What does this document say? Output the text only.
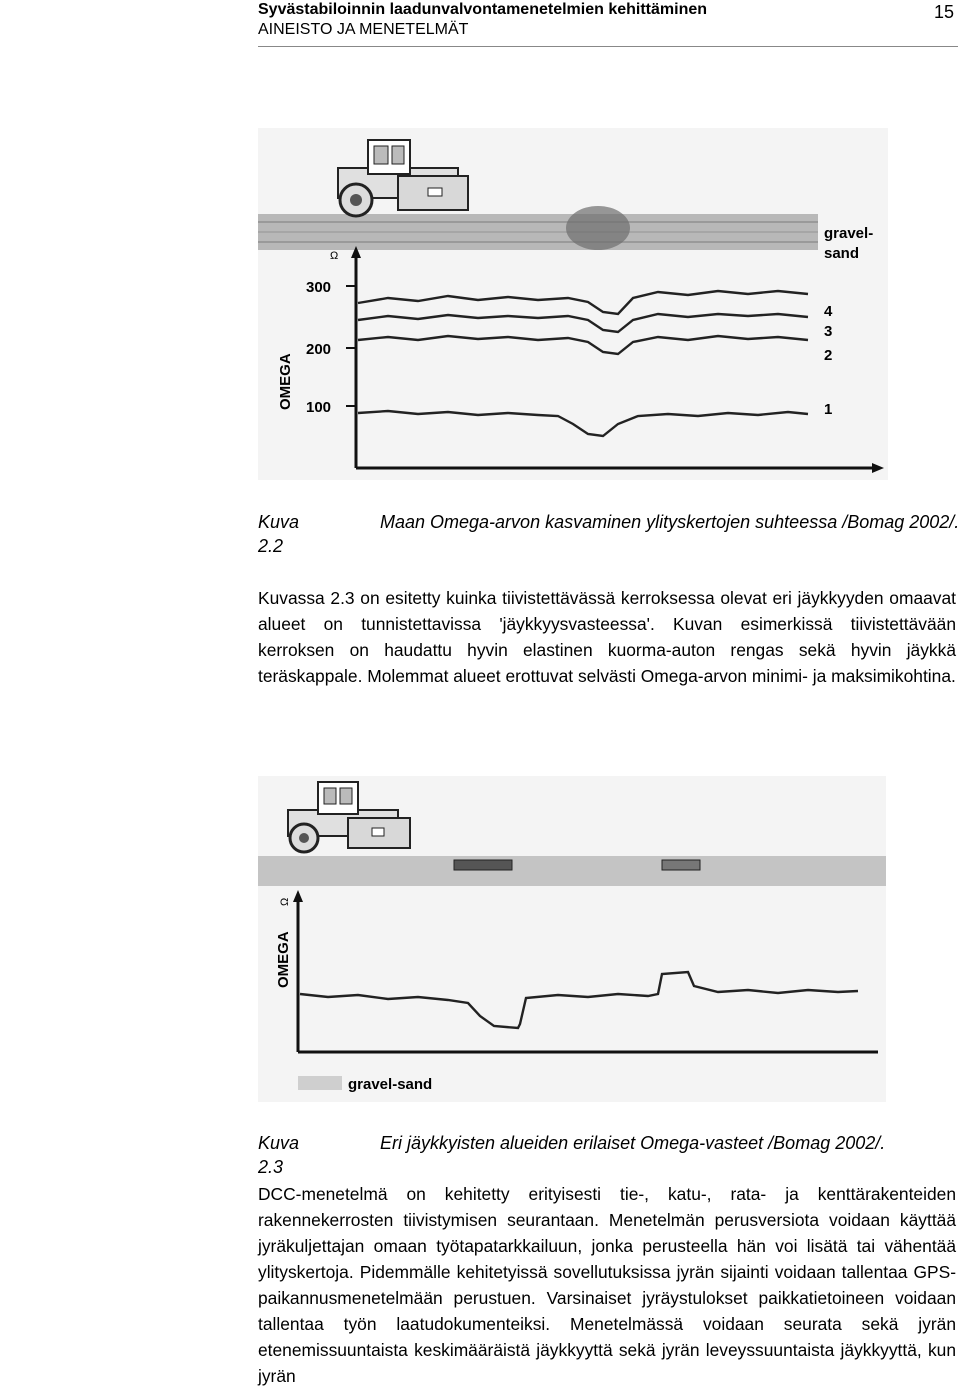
Syvästabiloinnin laadunvalvontamenetelmien kehittäminen
AINEISTO JA MENETELMÄT
15
Ω
300
200
100
OMEGA
gravel-
sand
4
3
2
1
Kuva 2.2
Maan Omega-arvon kasvaminen ylityskertojen suhteessa /Bomag 2002/.

Kuvassa 2.3 on esitetty kuinka tiivistettävässä kerroksessa olevat eri jäykkyyden omaavat alueet on tunnistettavissa 'jäykkyysvasteessa'. Kuvan esimerkissä tiivistettävään kerroksen on haudattu hyvin elastinen kuorma-auton rengas sekä hyvin jäykkä teräskappale. Molemmat alueet erottuvat selvästi Omega-arvon minimi- ja maksimikohtina.

OMEGA
Ω
gravel-sand
Kuva 2.3
Eri jäykkyisten alueiden erilaiset Omega-vasteet /Bomag 2002/.

DCC-menetelmä on kehitetty erityisesti tie-, katu-, rata- ja kenttärakenteiden rakennekerrosten tiivistymisen seurantaan. Menetelmän perusversiota voidaan käyttää jyräkuljettajan omaan työtapatarkkailuun, jonka perusteella hän voi lisätä tai vähentää ylityskertoja. Pidemmälle kehitetyissä sovellutuksissa jyrän sijainti voidaan tallentaa GPS-paikannusmenetelmään perustuen. Varsinaiset jyräystulokset paikkatietoineen voidaan tallentaa työn laatudokumenteiksi. Menetelmässä voidaan seurata sekä jyrän etenemissuuntaista keskimääräistä jäykkyyttä sekä jyrän leveyssuuntaista jäykkyyttä, kun jyrän
